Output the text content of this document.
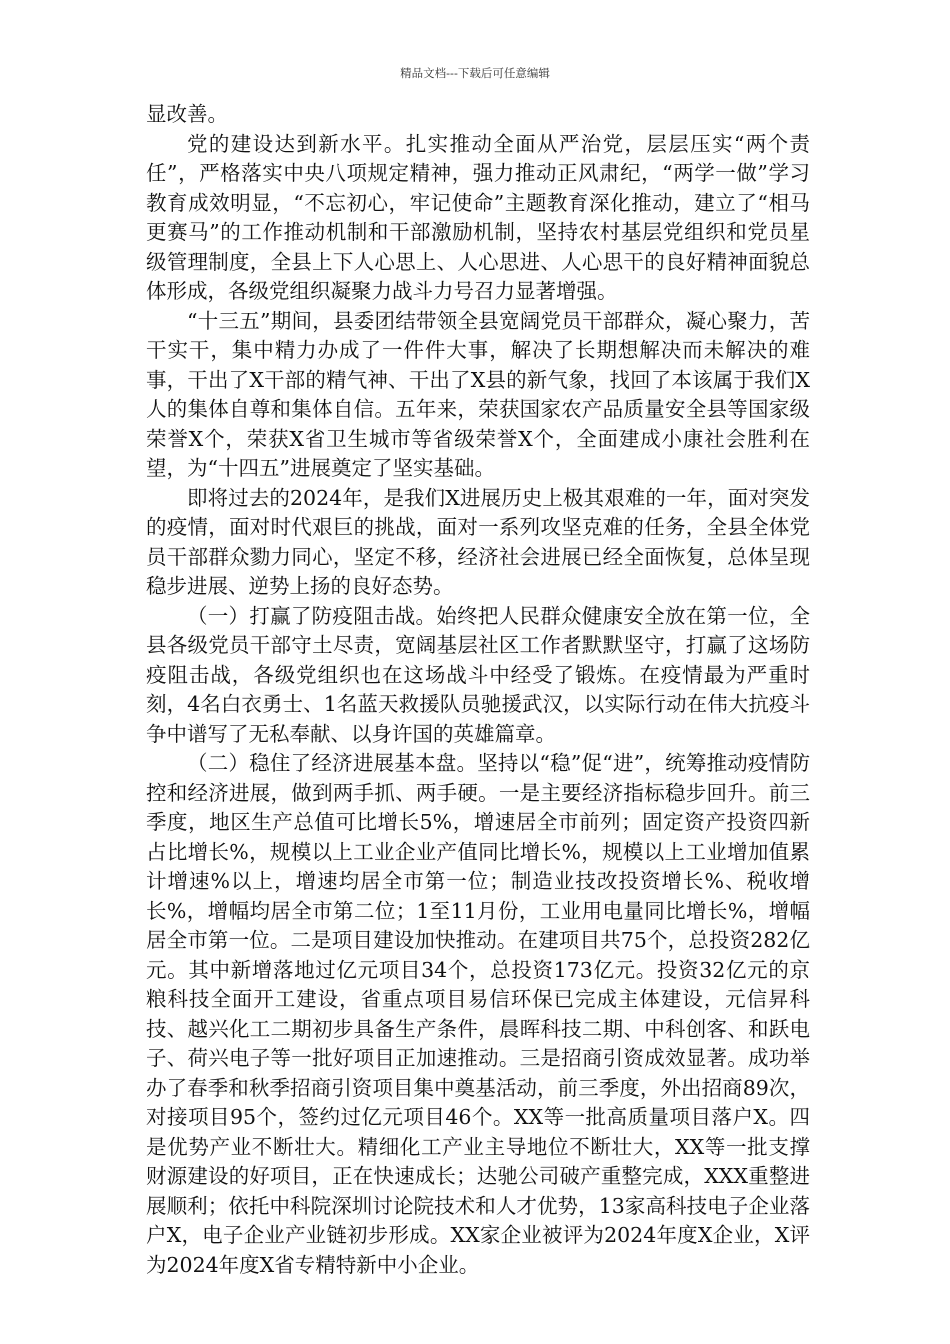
精品文档---下载后可任意编辑

显改善。

党的建设达到新水平。扎实推动全面从严治党，层层压实“两个责任”，严格落实中央八项规定精神，强力推动正风肃纪，“两学一做”学习教育成效明显，“不忘初心，牢记使命”主题教育深化推动，建立了“相马更赛马”的工作推动机制和干部激励机制，坚持农村基层党组织和党员星级管理制度，全县上下人心思上、人心思进、人心思干的良好精神面貌总体形成，各级党组织凝聚力战斗力号召力显著增强。

“十三五”期间，县委团结带领全县宽阔党员干部群众，凝心聚力，苦干实干，集中精力办成了一件件大事，解决了长期想解决而未解决的难事，干出了X干部的精气神、干出了X县的新气象，找回了本该属于我们X人的集体自尊和集体自信。五年来，荣获国家农产品质量安全县等国家级荣誉X个，荣获X省卫生城市等省级荣誉X个，全面建成小康社会胜利在望，为“十四五”进展奠定了坚实基础。

即将过去的2024年，是我们X进展历史上极其艰难的一年，面对突发的疫情，面对时代艰巨的挑战，面对一系列攻坚克难的任务，全县全体党员干部群众勠力同心，坚定不移，经济社会进展已经全面恢复，总体呈现稳步进展、逆势上扬的良好态势。

（一）打赢了防疫阻击战。始终把人民群众健康安全放在第一位，全县各级党员干部守土尽责，宽阔基层社区工作者默默坚守，打赢了这场防疫阻击战，各级党组织也在这场战斗中经受了锻炼。在疫情最为严重时刻，4名白衣勇士、1名蓝天救援队员驰援武汉，以实际行动在伟大抗疫斗争中谱写了无私奉献、以身许国的英雄篇章。

（二）稳住了经济进展基本盘。坚持以“稳”促“进”，统筹推动疫情防控和经济进展，做到两手抓、两手硬。一是主要经济指标稳步回升。前三季度，地区生产总值可比增长5%，增速居全市前列；固定资产投资四新占比增长%，规模以上工业企业产值同比增长%，规模以上工业增加值累计增速%以上，增速均居全市第一位；制造业技改投资增长%、税收增长%，增幅均居全市第二位；1至11月份，工业用电量同比增长%，增幅居全市第一位。二是项目建设加快推动。在建项目共75个，总投资282亿元。其中新增落地过亿元项目34个，总投资173亿元。投资32亿元的京粮科技全面开工建设，省重点项目易信环保已完成主体建设，元信昇科技、越兴化工二期初步具备生产条件，晨晖科技二期、中科创客、和跃电子、荷兴电子等一批好项目正加速推动。三是招商引资成效显著。成功举办了春季和秋季招商引资项目集中奠基活动，前三季度，外出招商89次，对接项目95个，签约过亿元项目46个。XX等一批高质量项目落户X。四是优势产业不断壮大。精细化工产业主导地位不断壮大，XX等一批支撑财源建设的好项目，正在快速成长；达驰公司破产重整完成，XXX重整进展顺利；依托中科院深圳讨论院技术和人才优势，13家高科技电子企业落户X，电子企业产业链初步形成。XX家企业被评为2024年度X企业，X评为2024年度X省专精特新中小企业。
